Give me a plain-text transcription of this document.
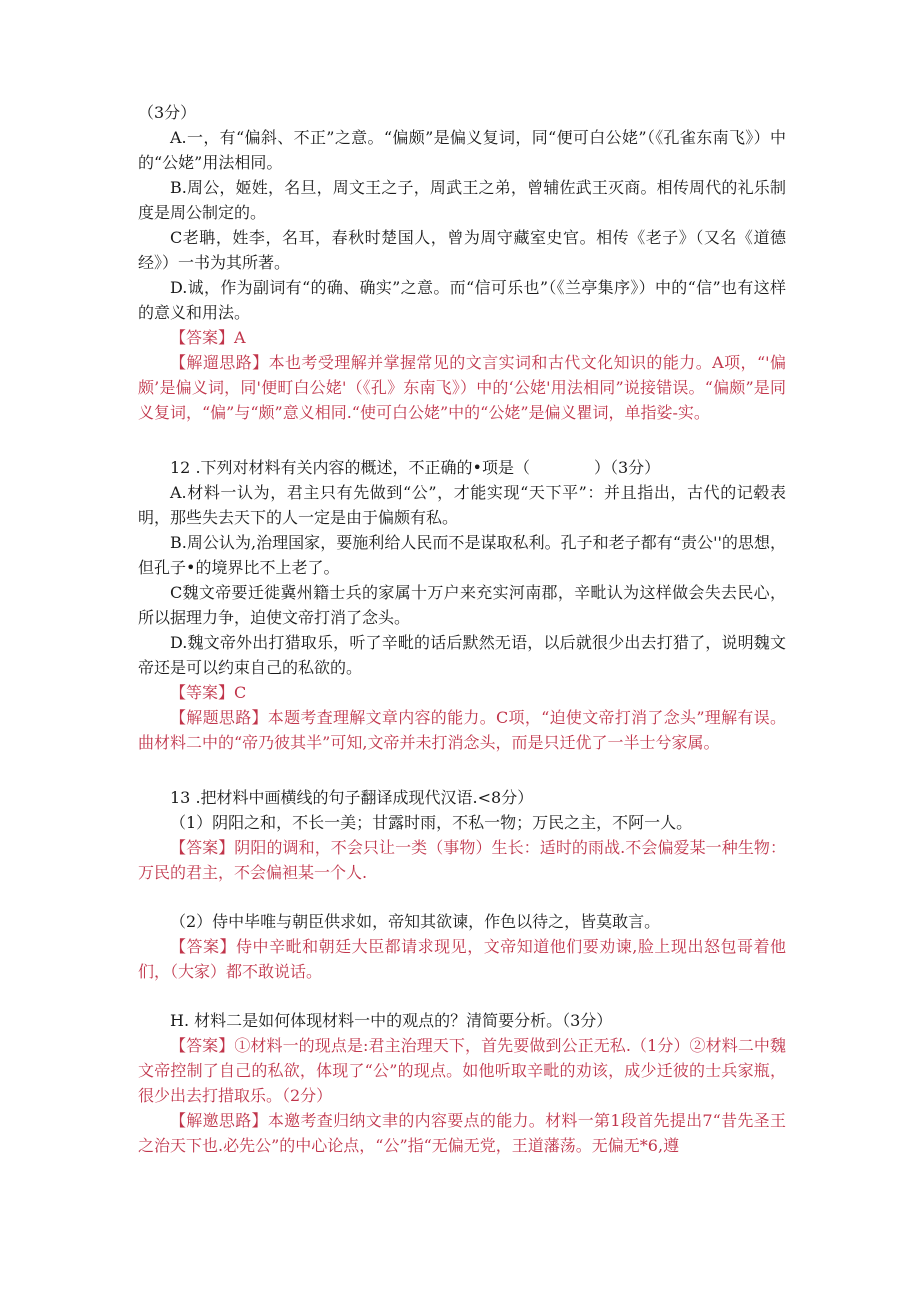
（3分）

A.一，有“偏斜、不正”之意。“偏颇”是偏义复词，同“便可白公姥”（《孔雀东南飞》）中的“公姥”用法相同。

B.周公，姬姓，名旦，周文王之子，周武王之弟，曾辅佐武王灭商。相传周代的礼乐制度是周公制定的。

C老聃，姓李，名耳，春秋时楚国人，曾为周守藏室史官。相传《老子》（又名《道德经》）一书为其所著。

D.诚，作为副词有“的确、确实”之意。而“信可乐也”（《兰亭集序》）中的“信”也有这样的意义和用法。

【答案】A

【解遛思路】本也考受理解并掌握常见的文言实词和古代文化知识的能力。A项，“'偏颇’是偏义词，同'便町白公姥'（《孔》东南飞》）中的‘公姥'用法相同”说接错误。“偏颇”是同义复词，“偏”与“颇”意义相同.“使可白公姥”中的“公姥”是偏义瞿词，单指娑-实。

12 .下列对材料有关内容的概述，不正确的•项是（　　　　）（3分）

A.材料一认为，君主只有先做到“公”，才能实现“天下平”：并且指出，古代的记毂表明，那些失去天下的人一定是由于偏颇有私。

B.周公认为,治理国家，要施利给人民而不是谋取私利。孔子和老子都有“责公''的思想，但孔子•的境界比不上老了。

C魏文帝要迁徙冀州籍士兵的家属十万户来充实河南郡，辛毗认为这样做会失去民心，所以据理力争，迫使文帝打消了念头。

D.魏文帝外出打猎取乐，听了辛毗的话后默然无语，以后就很少出去打猎了，说明魏文帝还是可以约束自己的私欲的。

【等案】C

【解题思路】本题考査理解文章内容的能力。C项，“迫使文帝打消了念头”理解有误。曲材料二中的“帝乃彼其半”可知,文帝并未打消念头，而是只迁优了一半士兮家属。

13 .把材料中画横线的句子翻译成现代汉语.<8分）

（1）阴阳之和，不长一美；甘露时雨，不私一物；万民之主，不阿一人。

【答案】阴阳的调和，不会只让一类（事物）生长：适时的雨战.不会偏爱某一种生物：万民的君主，不会偏袒某一个人.

（2）侍中毕唯与朝臣供求如，帝知其欲谏，作色以待之，皆莫敢言。

【答案】侍中辛毗和朝廷大臣都请求现见，文帝知道他们要劝谏,脸上现出怒包哥着他们，（大家）都不敢说话。

H. 材料二是如何体现材料一中的观点的？清简要分析。（3分）

【答案】①材料一的现点是:君主治理天下，首先要做到公正无私.（1分）②材料二中魏文帝控制了自己的私欲，体现了“公”的现点。如他听取辛毗的劝该，成少迁彼的士兵家瓶，很少出去打措取乐。（2分）

【解邀思路】本邀考查归纳文聿的内容要点的能力。材料一第1段首先提出7“昔先圣王之治天下也.必先公”的中心论点，“公”指“无偏无党，王道藩荡。无偏无*6,遵
